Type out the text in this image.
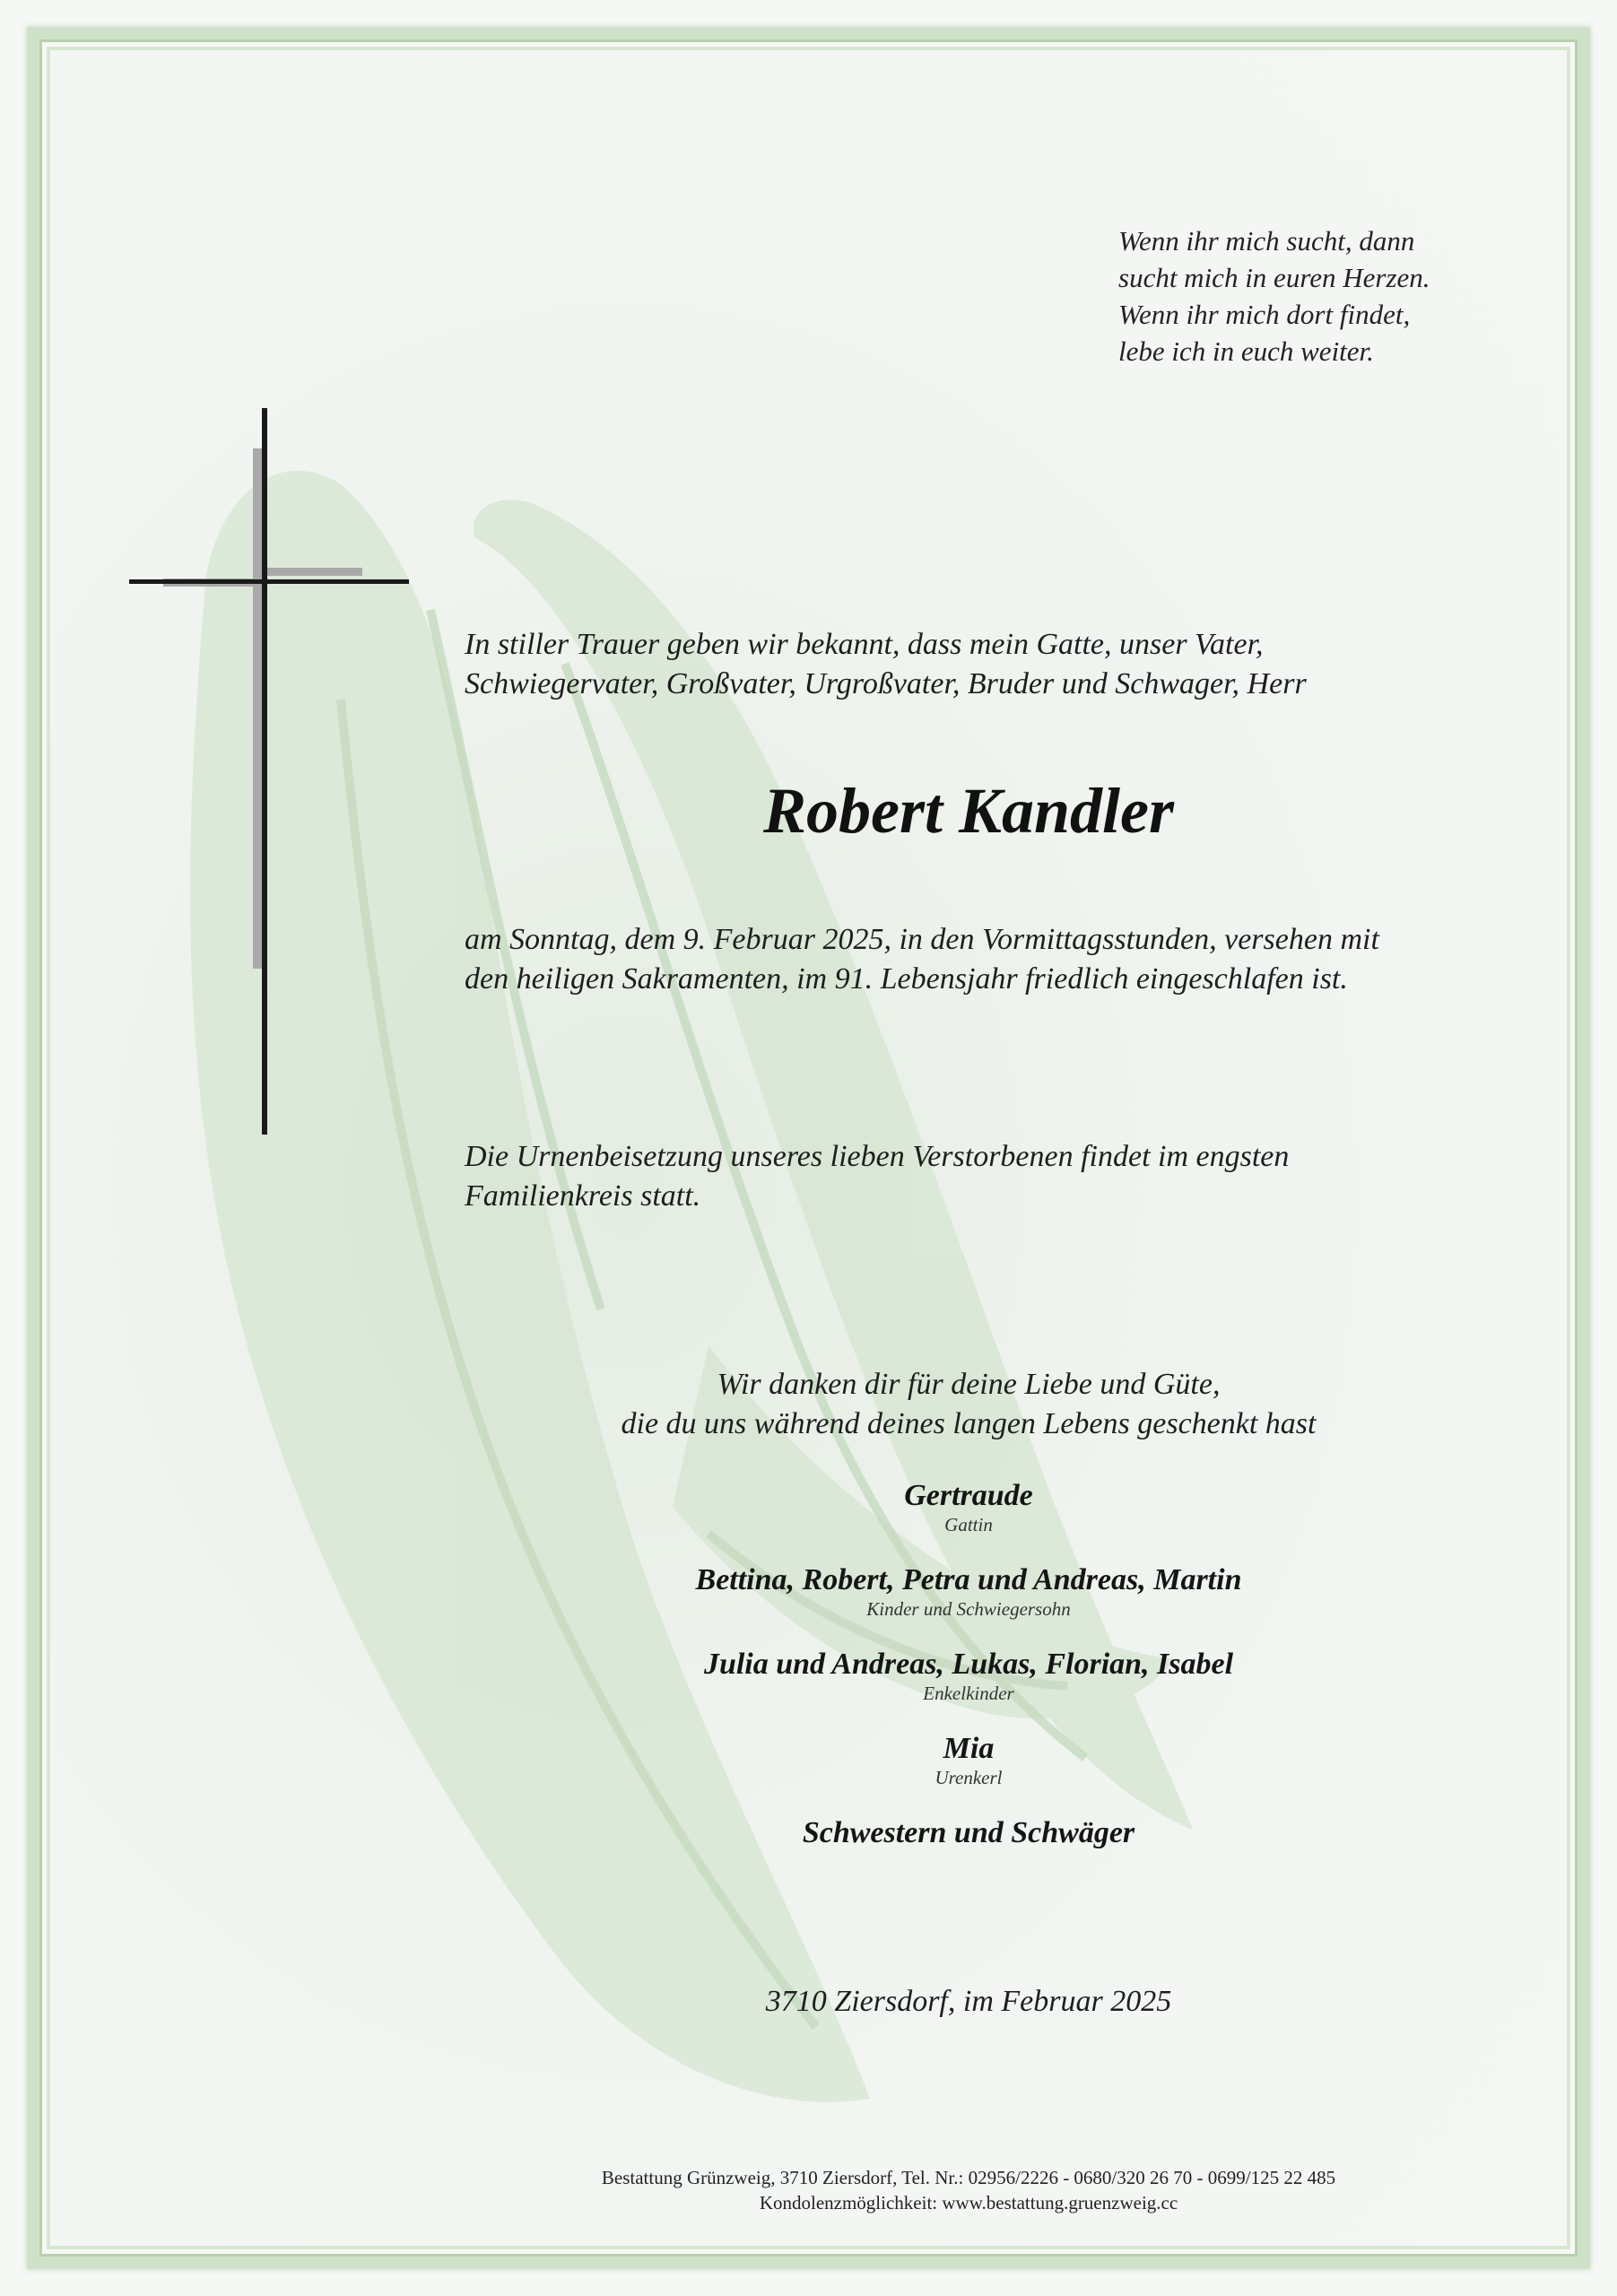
Wenn ihr mich sucht, dann
sucht mich in euren Herzen.
Wenn ihr mich dort findet,
lebe ich in euch weiter.
In stiller Trauer geben wir bekannt, dass mein Gatte, unser Vater,
Schwiegervater, Großvater, Urgroßvater, Bruder und Schwager, Herr
Robert Kandler
am Sonntag, dem 9. Februar 2025, in den Vormittagsstunden, versehen mit
den heiligen Sakramenten, im 91. Lebensjahr friedlich eingeschlafen ist.
Die Urnenbeisetzung unseres lieben Verstorbenen findet im engsten
Familienkreis statt.
Wir danken dir für deine Liebe und Güte,
die du uns während deines langen Lebens geschenkt hast
Gertraude
Gattin
Bettina, Robert, Petra und Andreas, Martin
Kinder und Schwiegersohn
Julia und Andreas, Lukas, Florian, Isabel
Enkelkinder
Mia
Urenkerl
Schwestern und Schwäger
3710 Ziersdorf, im Februar 2025
Bestattung Grünzweig, 3710 Ziersdorf, Tel. Nr.: 02956/2226 - 0680/320 26 70 - 0699/125 22 485
Kondolenzmöglichkeit: www.bestattung.gruenzweig.cc
